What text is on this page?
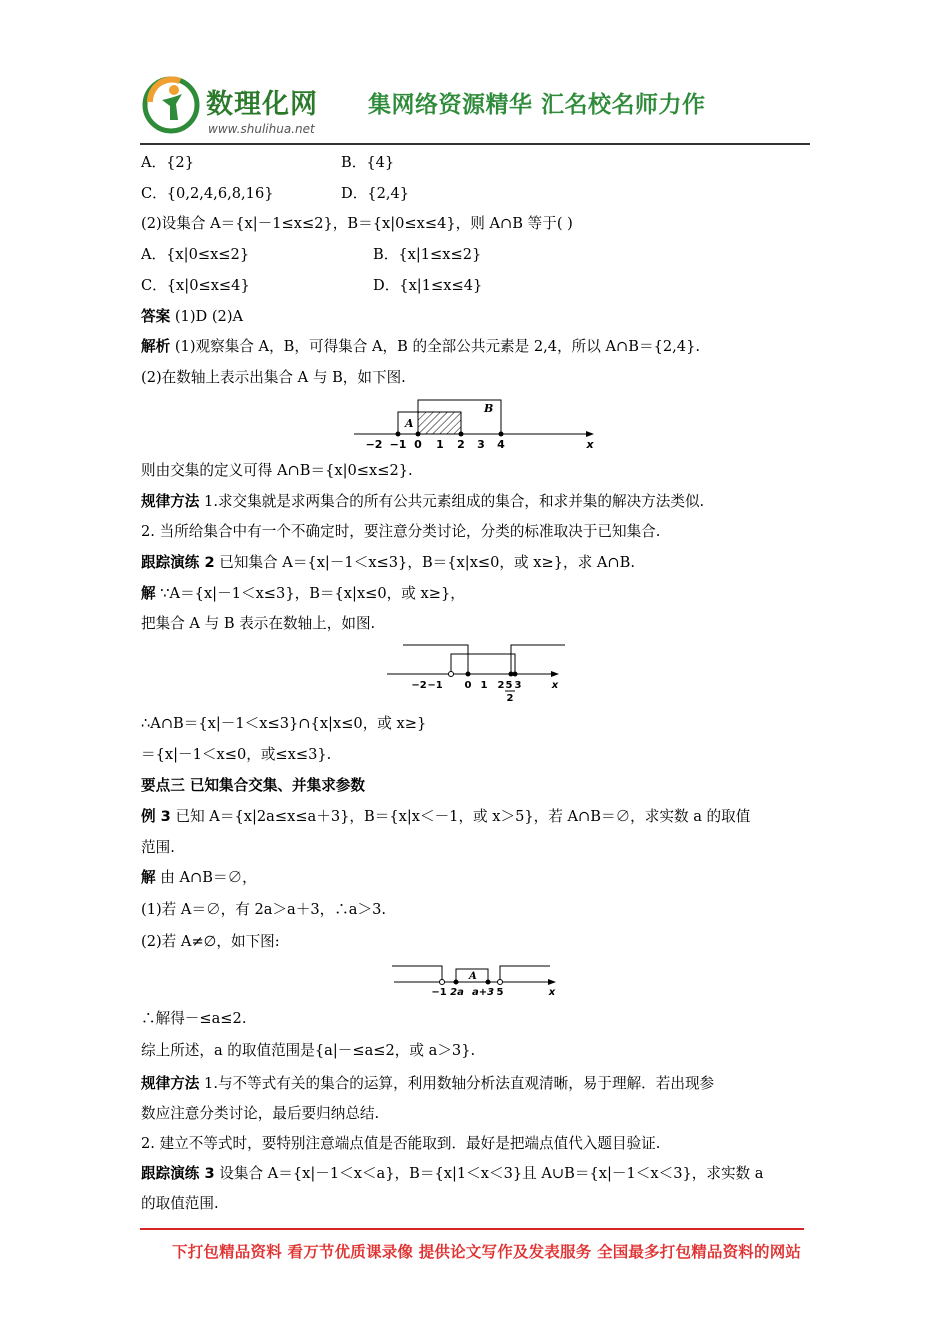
数理化网
www.shulihua.net
集网络资源精华 汇名校名师力作
A．{2}	B．{4}
C．{0,2,4,6,8,16}	D．{2,4}
(2)设集合 A＝{x|－1≤x≤2}，B＝{x|0≤x≤4}，则 A∩B 等于( )
A．{x|0≤x≤2}	B．{x|1≤x≤2}
C．{x|0≤x≤4}	D．{x|1≤x≤4}
答案 (1)D (2)A
解析 (1)观察集合 A，B，可得集合 A，B 的全部公共元素是 2,4，所以 A∩B＝{2,4}.
(2)在数轴上表示出集合 A 与 B，如下图.
A
B
−2 −1 0 1 2 3 4	x
则由交集的定义可得 A∩B＝{x|0≤x≤2}.
规律方法 1.求交集就是求两集合的所有公共元素组成的集合，和求并集的解决方法类似.
2. 当所给集合中有一个不确定时，要注意分类讨论，分类的标准取决于已知集合.
跟踪演练 2 已知集合 A＝{x|－1＜x≤3}，B＝{x|x≤0，或 x≥}，求 A∩B.
解 ∵A＝{x|－1＜x≤3}，B＝{x|x≤0，或 x≥}，
把集合 A 与 B 表示在数轴上，如图.
−2 −1 0 1 2 5 3
2
x
∴A∩B＝{x|－1＜x≤3}∩{x|x≤0，或 x≥}
＝{x|－1＜x≤0，或≤x≤3}.
要点三 已知集合交集、并集求参数
例 3 已知 A＝{x|2a≤x≤a＋3}，B＝{x|x＜－1，或 x＞5}，若 A∩B＝∅，求实数 a 的取值
范围.
解 由 A∩B＝∅，
(1)若 A＝∅，有 2a＞a＋3，∴a＞3.
(2)若 A≠∅，如下图:
A
−1 2a a+3 5	x
∴解得－≤a≤2.
综上所述，a 的取值范围是{a|－≤a≤2，或 a＞3}.
规律方法 1.与不等式有关的集合的运算，利用数轴分析法直观清晰，易于理解．若出现参
数应注意分类讨论，最后要归纳总结.
2. 建立不等式时，要特别注意端点值是否能取到．最好是把端点值代入题目验证.
跟踪演练 3 设集合 A＝{x|－1＜x＜a}，B＝{x|1＜x＜3}且 A∪B＝{x|－1＜x＜3}，求实数 a
的取值范围.
下打包精品资料 看万节优质课录像 提供论文写作及发表服务 全国最多打包精品资料的网站
